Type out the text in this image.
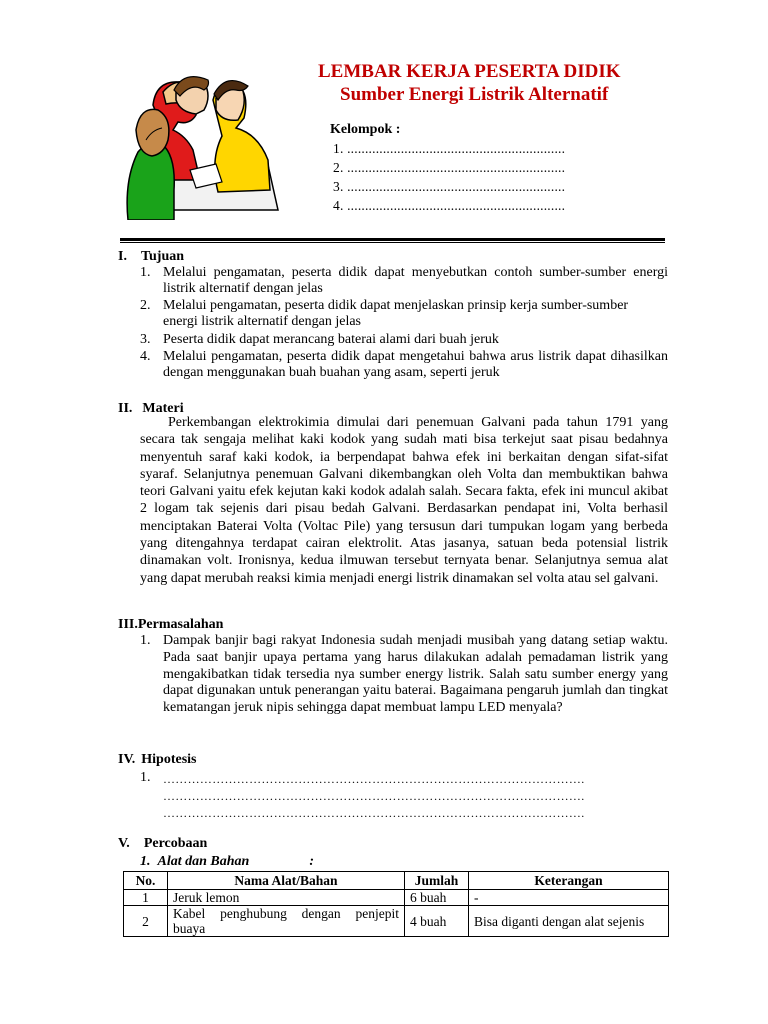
LEMBAR KERJA PESERTA DIDIK
Sumber Energi Listrik Alternatif
Kelompok :
1. .............................................................
2. .............................................................
3. .............................................................
4. .............................................................
I. Tujuan
1. Melalui pengamatan, peserta didik dapat menyebutkan contoh sumber-sumber energi listrik alternatif dengan jelas
2. Melalui pengamatan, peserta didik dapat menjelaskan prinsip kerja sumber-sumber energi listrik alternatif dengan jelas
3. Peserta didik dapat merancang baterai alami dari buah jeruk
4. Melalui pengamatan, peserta didik dapat mengetahui bahwa arus listrik dapat dihasilkan dengan menggunakan buah buahan yang asam, seperti jeruk
II. Materi
Perkembangan elektrokimia dimulai dari penemuan Galvani pada tahun 1791 yang secara tak sengaja melihat kaki kodok yang sudah mati bisa terkejut saat pisau bedahnya menyentuh saraf kaki kodok, ia berpendapat bahwa efek ini berkaitan dengan sifat-sifat syaraf. Selanjutnya penemuan Galvani dikembangkan oleh Volta dan membuktikan bahwa teori Galvani yaitu efek kejutan kaki kodok adalah salah. Secara fakta, efek ini muncul akibat 2 logam tak sejenis dari pisau bedah Galvani. Berdasarkan pendapat ini, Volta berhasil menciptakan Baterai Volta (Voltac Pile) yang tersusun dari tumpukan logam yang berbeda yang ditengahnya terdapat cairan elektrolit. Atas jasanya, satuan beda potensial listrik dinamakan volt. Ironisnya, kedua ilmuwan tersebut ternyata benar. Selanjutnya semua alat yang dapat merubah reaksi kimia menjadi energi listrik dinamakan sel volta atau sel galvani.
III.Permasalahan
1. Dampak banjir bagi rakyat Indonesia sudah menjadi musibah yang datang setiap waktu. Pada saat banjir upaya pertama yang harus dilakukan adalah pemadaman listrik yang mengakibatkan tidak tersedia nya sumber energy listrik. Salah satu sumber energy yang dapat digunakan untuk penerangan yaitu baterai. Bagaimana pengaruh jumlah dan tingkat kematangan jeruk nipis sehingga dapat membuat lampu LED menyala?
IV. Hipotesis
1. ………………………………………………………………………………………….
………………………………………………………………………………………….
………………………………………………………………………………………….
V. Percobaan
1. Alat dan Bahan	:
No.	Nama Alat/Bahan	Jumlah	Keterangan
1	Jeruk lemon	6 buah	-
2	Kabel penghubung dengan penjepit buaya	4 buah	Bisa diganti dengan alat sejenis
